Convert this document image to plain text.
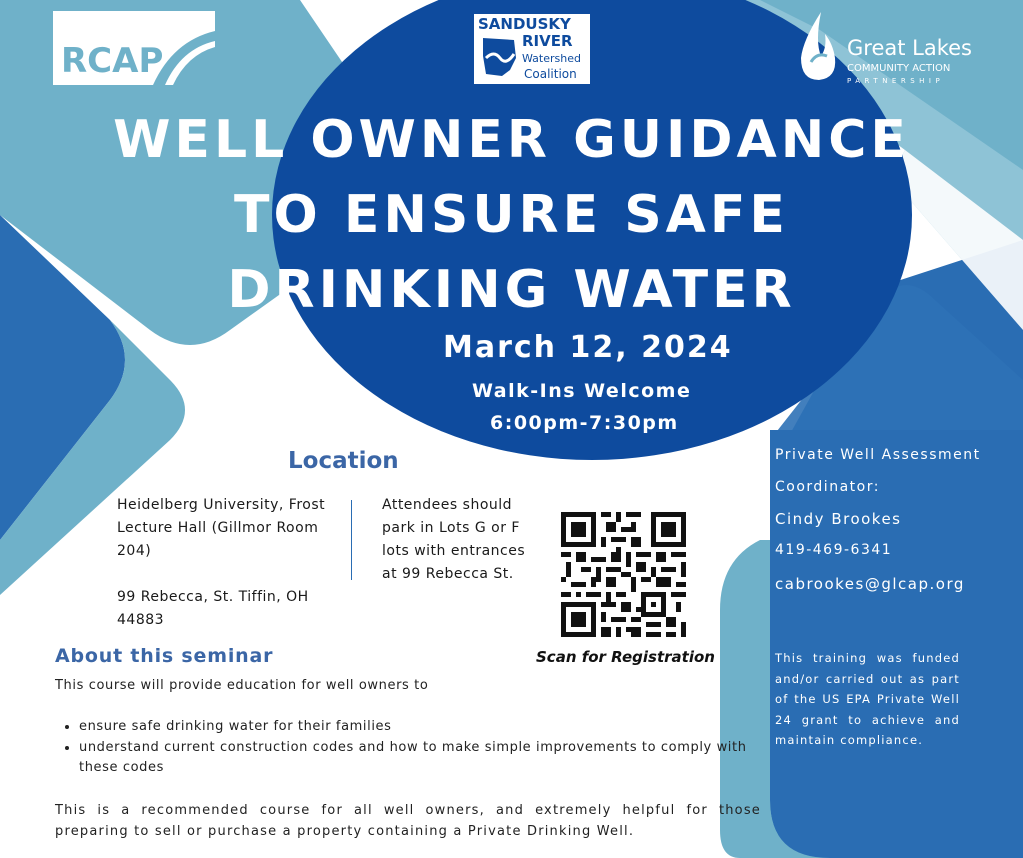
RCAP
SANDUSKY
RIVER
Watershed
Coalition
Great Lakes
COMMUNITY ACTION
PARTNERSHIP
WELL OWNER GUIDANCE
TO ENSURE SAFE
DRINKING WATER
March 12, 2024
Walk-Ins Welcome
6:00pm-7:30pm
Location
Heidelberg University, Frost Lecture Hall (Gillmor Room 204)
99 Rebecca, St. Tiffin, OH 44883
Attendees should park in Lots G or F lots with entrances at 99 Rebecca St.
Scan for Registration
Private Well Assessment
Coordinator:
Cindy Brookes
419-469-6341
cabrookes@glcap.org
This training was funded and/or carried out as part of the US EPA Private Well 24 grant to achieve and maintain compliance.
About this seminar
This course will provide education for well owners to
• ensure safe drinking water for their families
• understand current construction codes and how to make simple improvements to comply with these codes
This is a recommended course for all well owners, and extremely helpful for those preparing to sell or purchase a property containing a Private Drinking Well.
